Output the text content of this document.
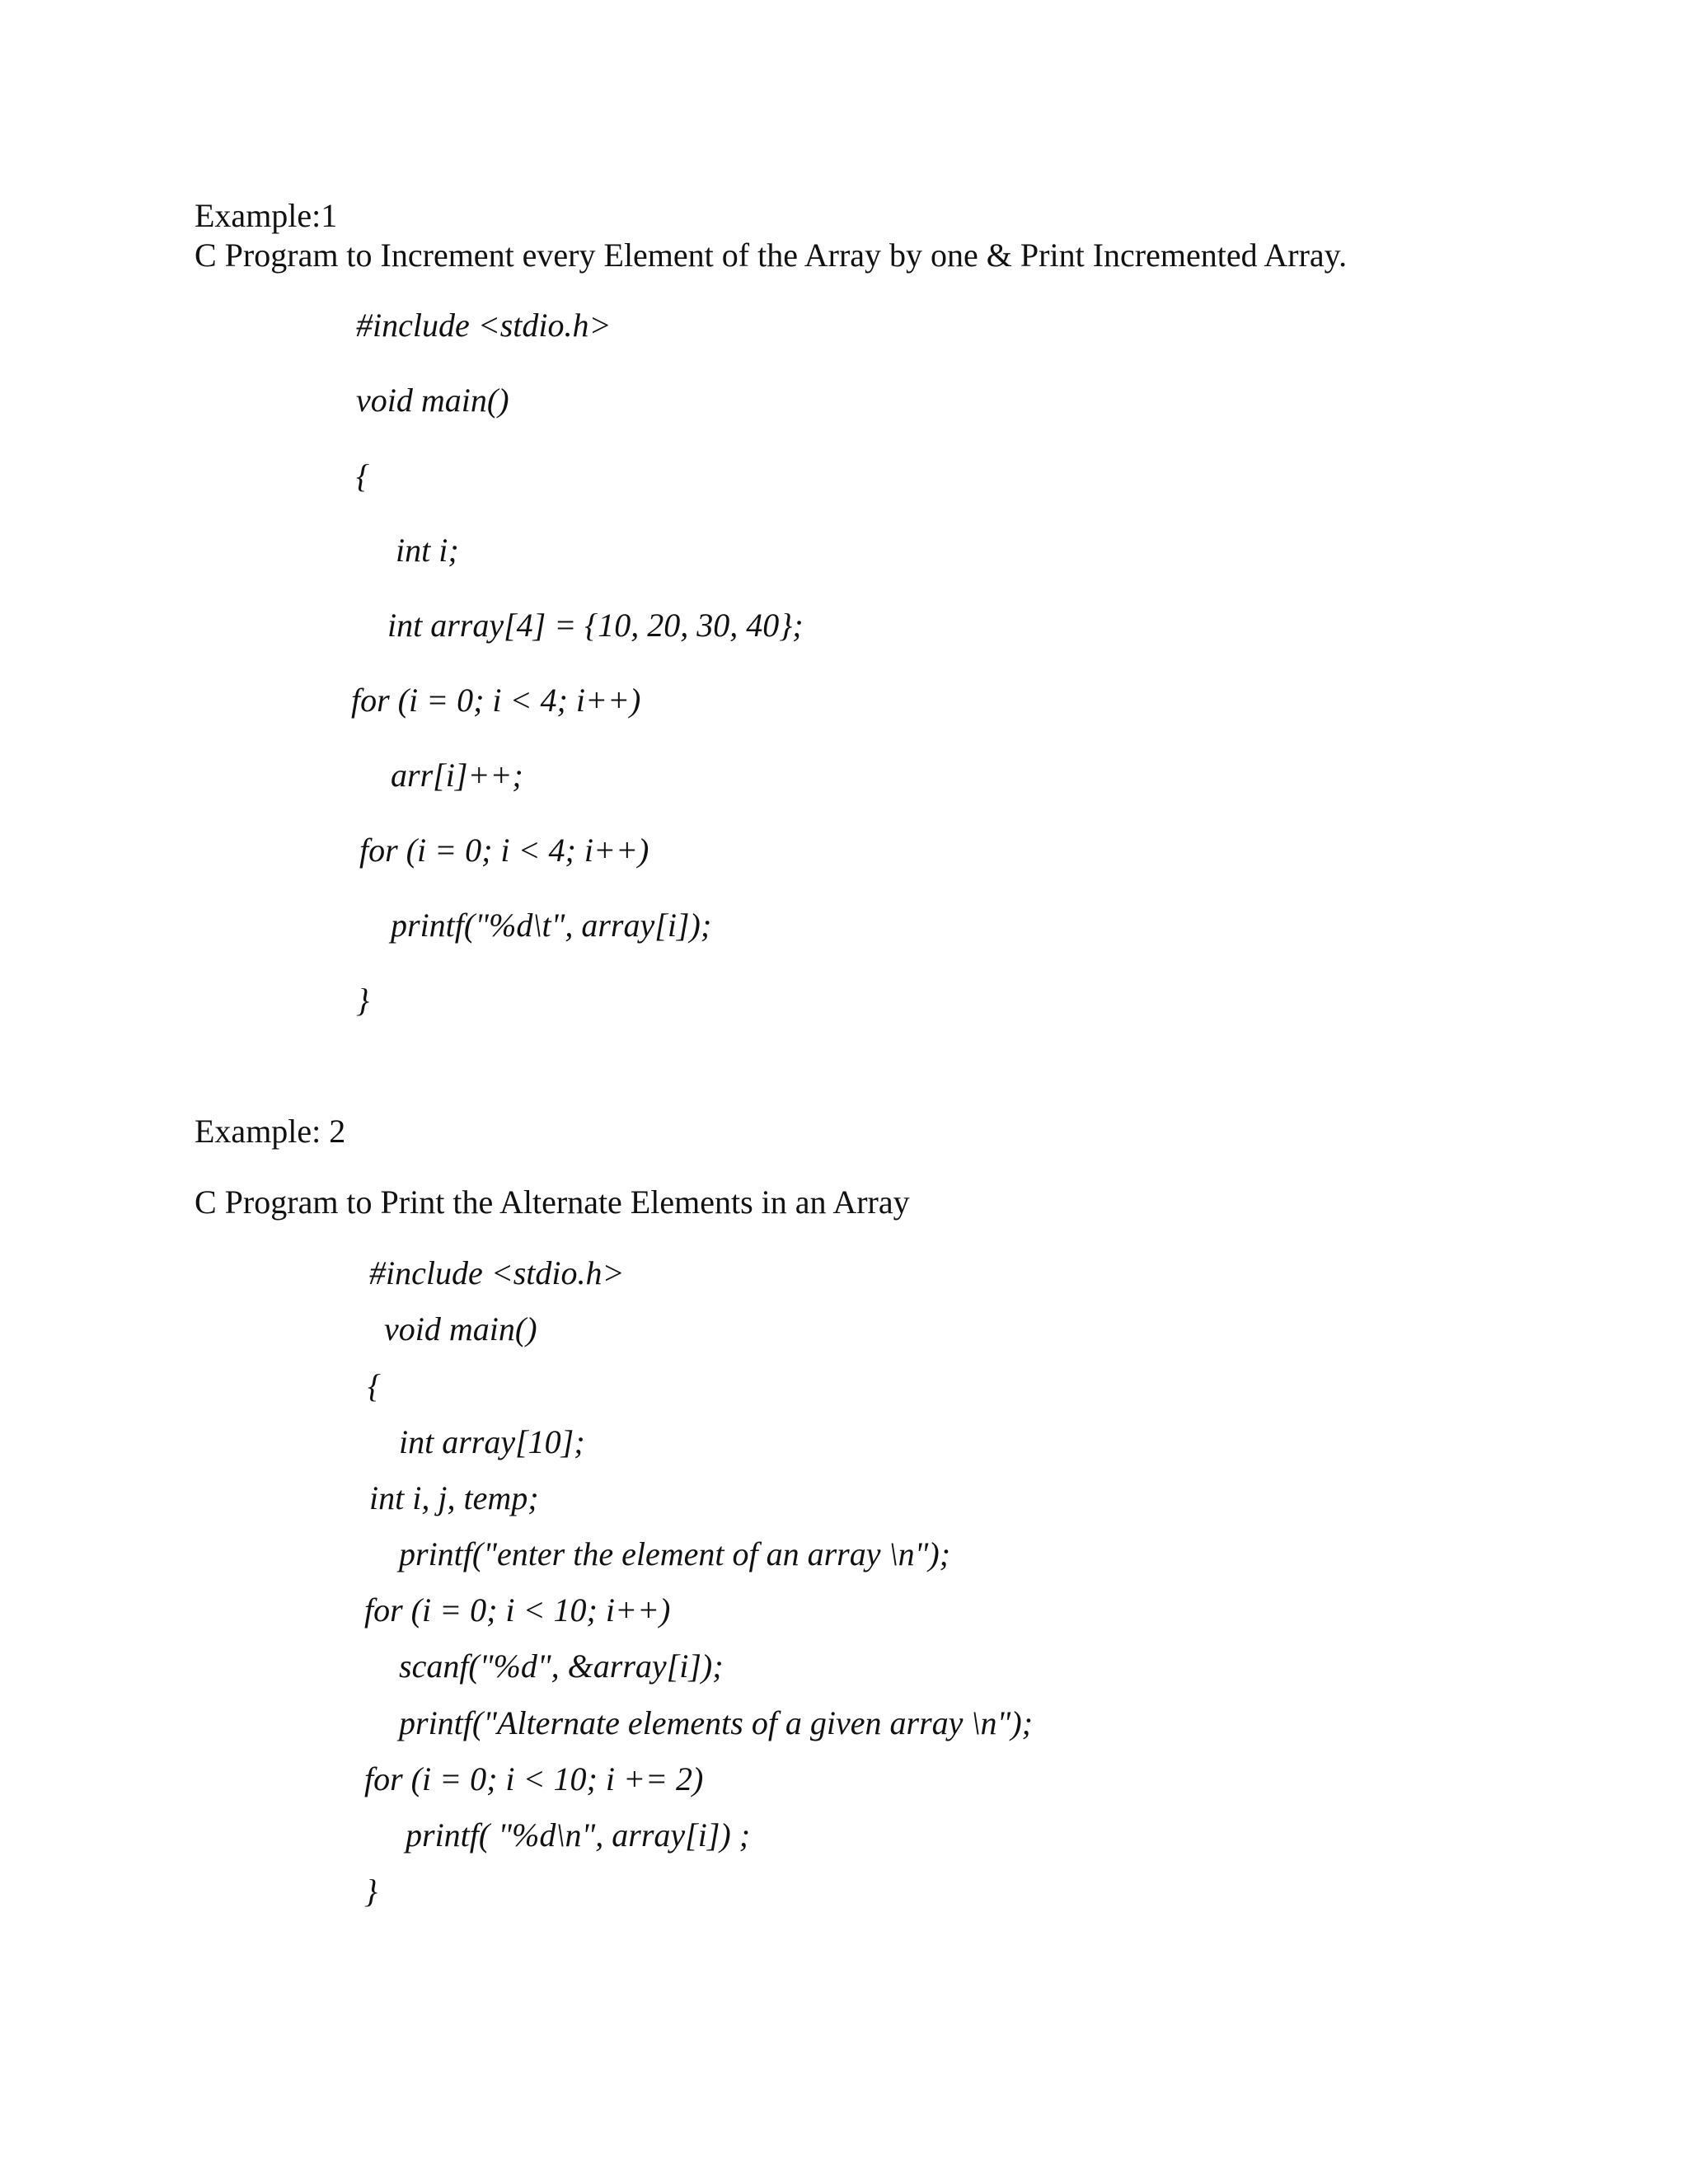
Example:1
C Program to Increment every Element of the Array by one & Print Incremented Array.
#include <stdio.h>
void main()
{
int i;
int array[4] = {10, 20, 30, 40};
for (i = 0; i < 4; i++)
arr[i]++;
for (i = 0; i < 4; i++)
printf("%d\t", array[i]);
}
Example: 2
C Program to Print the Alternate Elements in an Array
#include <stdio.h>
void main()
{
int array[10];
int i, j, temp;
printf("enter the element of an array \n");
for (i = 0; i < 10; i++)
scanf("%d", &array[i]);
printf("Alternate elements of a given array \n");
for (i = 0; i < 10; i += 2)
printf( "%d\n", array[i]) ;
}
